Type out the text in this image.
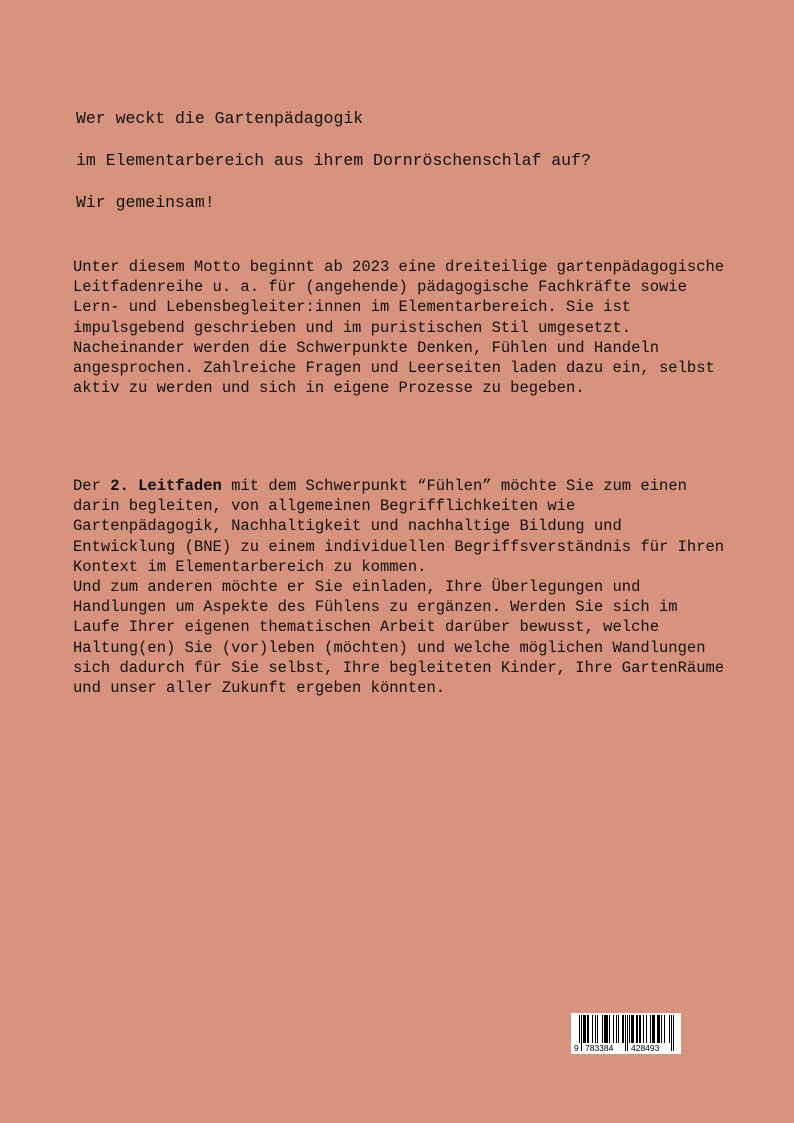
Wer weckt die Gartenpädagogik

im Elementarbereich aus ihrem Dornröschenschlaf auf?

Wir gemeinsam!

Unter diesem Motto beginnt ab 2023 eine dreiteilige gartenpädagogische Leitfadenreihe u. a. für (angehende) pädagogische Fachkräfte sowie Lern- und Lebensbegleiter:innen im Elementarbereich. Sie ist impulsgebend geschrieben und im puristischen Stil umgesetzt. Nacheinander werden die Schwerpunkte Denken, Fühlen und Handeln angesprochen. Zahlreiche Fragen und Leerseiten laden dazu ein, selbst aktiv zu werden und sich in eigene Prozesse zu begeben.

Der 2. Leitfaden mit dem Schwerpunkt “Fühlen” möchte Sie zum einen darin begleiten, von allgemeinen Begrifflichkeiten wie Gartenpädagogik, Nachhaltigkeit und nachhaltige Bildung und Entwicklung (BNE) zu einem individuellen Begriffsverständnis für Ihren Kontext im Elementarbereich zu kommen.

Und zum anderen möchte er Sie einladen, Ihre Überlegungen und Handlungen um Aspekte des Fühlens zu ergänzen. Werden Sie sich im Laufe Ihrer eigenen thematischen Arbeit darüber bewusst, welche Haltung(en) Sie (vor)leben (möchten) und welche möglichen Wandlungen sich dadurch für Sie selbst, Ihre begleiteten Kinder, Ihre GartenRäume und unser aller Zukunft ergeben könnten.

9 783384 428493
